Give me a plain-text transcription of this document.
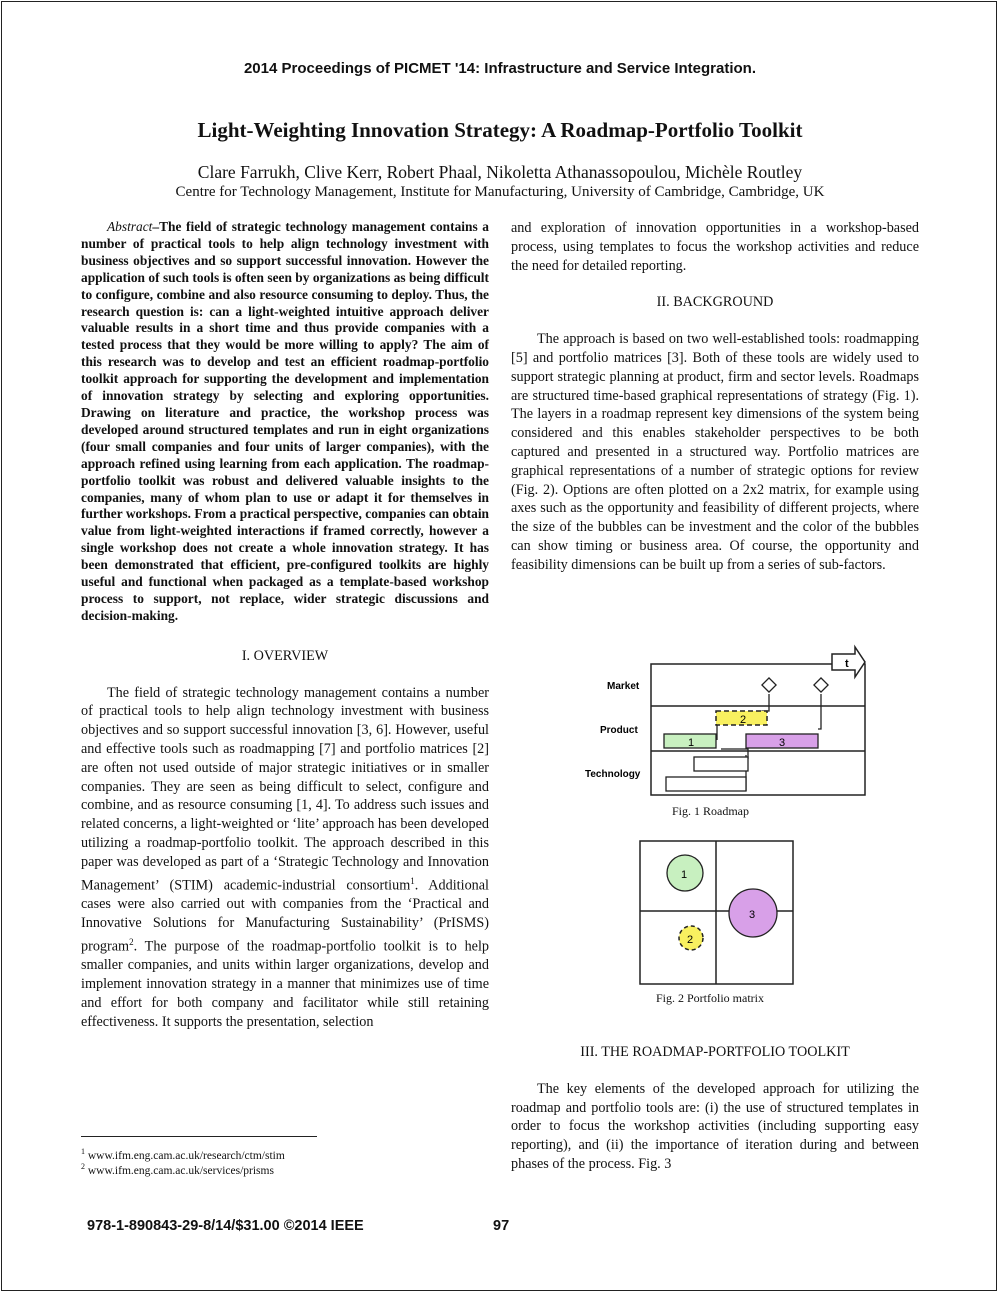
2014 Proceedings of PICMET '14: Infrastructure and Service Integration.
Light-Weighting Innovation Strategy: A Roadmap-Portfolio Toolkit
Clare Farrukh, Clive Kerr, Robert Phaal, Nikoletta Athanassopoulou, Michèle Routley
Centre for Technology Management, Institute for Manufacturing, University of Cambridge, Cambridge, UK

Abstract–The field of strategic technology management contains a number of practical tools to help align technology investment with business objectives and so support successful innovation. However the application of such tools is often seen by organizations as being difficult to configure, combine and also resource consuming to deploy. Thus, the research question is: can a light-weighted intuitive approach deliver valuable results in a short time and thus provide companies with a tested process that they would be more willing to apply? The aim of this research was to develop and test an efficient roadmap-portfolio toolkit approach for supporting the development and implementation of innovation strategy by selecting and exploring opportunities. Drawing on literature and practice, the workshop process was developed around structured templates and run in eight organizations (four small companies and four units of larger companies), with the approach refined using learning from each application. The roadmap-portfolio toolkit was robust and delivered valuable insights to the companies, many of whom plan to use or adapt it for themselves in further workshops. From a practical perspective, companies can obtain value from light-weighted interactions if framed correctly, however a single workshop does not create a whole innovation strategy. It has been demonstrated that efficient, pre-configured toolkits are highly useful and functional when packaged as a template-based workshop process to support, not replace, wider strategic discussions and decision-making.

I. OVERVIEW

The field of strategic technology management contains a number of practical tools to help align technology investment with business objectives and so support successful innovation [3, 6]. However, useful and effective tools such as roadmapping [7] and portfolio matrices [2] are often not used outside of major strategic initiatives or in smaller companies. They are seen as being difficult to select, configure and combine, and as resource consuming [1, 4]. To address such issues and related concerns, a light-weighted or ‘lite’ approach has been developed utilizing a roadmap-portfolio toolkit. The approach described in this paper was developed as part of a ‘Strategic Technology and Innovation Management’ (STIM) academic-industrial consortium$^1$. Additional cases were also carried out with companies from the ‘Practical and Innovative Solutions for Manufacturing Sustainability’ (PrISMS) program$^2$. The purpose of the roadmap-portfolio toolkit is to help smaller companies, and units within larger organizations, develop and implement innovation strategy in a manner that minimizes use of time and effort for both company and facilitator while still retaining effectiveness. It supports the presentation, selection

$^1$ www.ifm.eng.cam.ac.uk/research/ctm/stim
$^2$ www.ifm.eng.cam.ac.uk/services/prisms

and exploration of innovation opportunities in a workshop-based process, using templates to focus the workshop activities and reduce the need for detailed reporting.

II. BACKGROUND

The approach is based on two well-established tools: roadmapping [5] and portfolio matrices [3]. Both of these tools are widely used to support strategic planning at product, firm and sector levels. Roadmaps are structured time-based graphical representations of strategy (Fig. 1). The layers in a roadmap represent key dimensions of the system being considered and this enables stakeholder perspectives to be both captured and presented in a structured way. Portfolio matrices are graphical representations of a number of strategic options for review (Fig. 2). Options are often plotted on a 2x2 matrix, for example using axes such as the opportunity and feasibility of different projects, where the size of the bubbles can be investment and the color of the bubbles can show timing or business area. Of course, the opportunity and feasibility dimensions can be built up from a series of sub-factors.

Market
Product
Technology
t
2
1	3
Fig. 1 Roadmap
1
2
3
Fig. 2 Portfolio matrix
III. THE ROADMAP-PORTFOLIO TOOLKIT

The key elements of the developed approach for utilizing the roadmap and portfolio tools are: (i) the use of structured templates in order to focus the workshop activities (including supporting easy reporting), and (ii) the importance of iteration during and between phases of the process. Fig. 3

978-1-890843-29-8/14/$31.00 ©2014 IEEE	97
